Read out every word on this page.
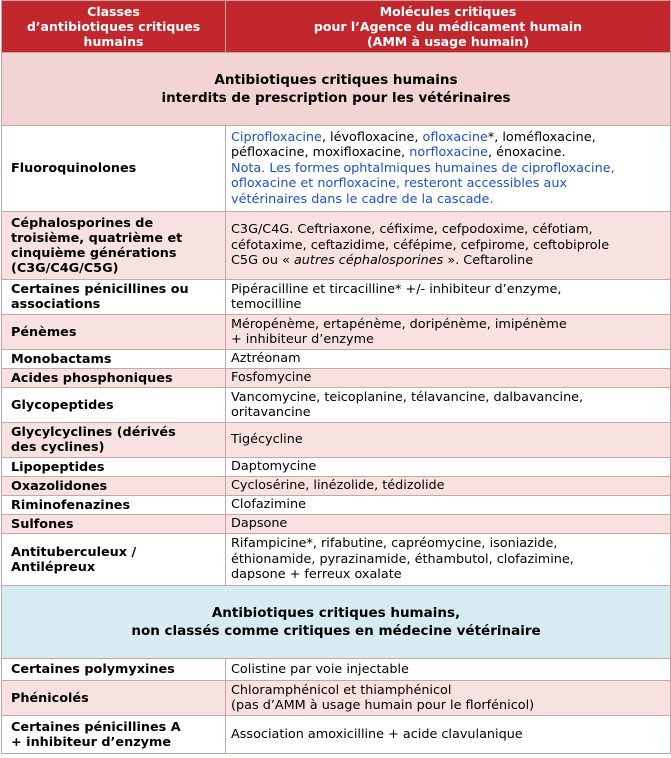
Classes
d’antibiotiques critiques
humains	Molécules critiques
pour l’Agence du médicament humain
(AMM à usage humain)

Antibiotiques critiques humains
interdits de prescription pour les vétérinaires	

Fluoroquinolones	Ciprofloxacine, lévofloxacine, ofloxacine*, loméfloxacine,
péfloxacine, moxifloxacine, norfloxacine, énoxacine.
Nota. Les formes ophtalmiques humaines de ciprofloxacine,
ofloxacine et norfloxacine, resteront accessibles aux
vétérinaires dans le cadre de la cascade.

Céphalosporines de
troisième, quatrième et
cinquième générations
(C3G/C4G/C5G)	C3G/C4G. Ceftriaxone, céfixime, cefpodoxime, céfotiam,
céfotaxime, ceftazidime, céfépime, cefpirome, ceftobiprole
C5G ou « autres céphalosporines ». Ceftaroline

Certaines pénicillines ou
associations	Pipéracilline et tircacilline* +/- inhibiteur d’enzyme,
temocilline

Pénèmes	Méropénème, ertapénème, doripénème, imipénème
+ inhibiteur d’enzyme

Monobactams	Aztréonam
Acides phosphoniques	Fosfomycine
Glycopeptides	Vancomycine, teicoplanine, télavancine, dalbavancine,
oritavancine

Glycylcyclines (dérivés
des cyclines)	Tigécycline
Lipopeptides	Daptomycine
Oxazolidones	Cyclosérine, linézolide, tédizolide
Riminofenazines	Clofazimine
Sulfones	Dapsone

Antituberculeux /
Antilépreux	Rifampicine*, rifabutine, capréomycine, isoniazide,
éthionamide, pyrazinamide, éthambutol, clofazimine,
dapsone + ferreux oxalate

Antibiotiques critiques humains,
non classés comme critiques en médecine vétérinaire	

Certaines polymyxines	Colistine par voie injectable
Phénicolés	Chloramphénicol et thiamphénicol
(pas d’AMM à usage humain pour le florfénicol)

Certaines pénicillines A
+ inhibiteur d’enzyme	Association amoxicilline + acide clavulanique
